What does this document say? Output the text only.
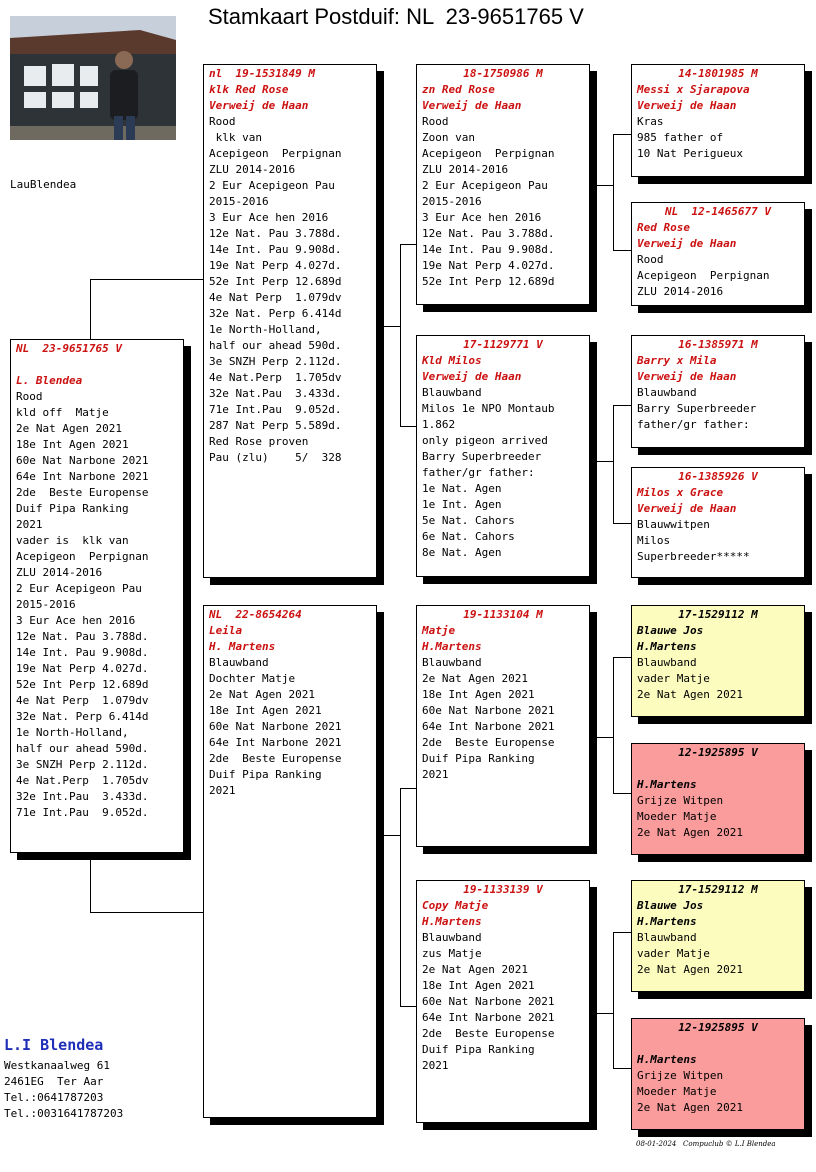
Stamkaart Postduif: NL  23-9651765 V
LauBlendea
NL  23-9651765 V
L. Blendea
Rood
kld off  Matje
2e Nat Agen 2021
18e Int Agen 2021
60e Nat Narbone 2021
64e Int Narbone 2021
2de  Beste Europense
Duif Pipa Ranking
2021
vader is  klk van
Acepigeon  Perpignan
ZLU 2014-2016
2 Eur Acepigeon Pau
2015-2016
3 Eur Ace hen 2016
12e Nat. Pau 3.788d.
14e Int. Pau 9.908d.
19e Nat Perp 4.027d.
52e Int Perp 12.689d
4e Nat Perp  1.079dv
32e Nat. Perp 6.414d
1e North-Holland,
half our ahead 590d.
3e SNZH Perp 2.112d.
4e Nat.Perp  1.705dv
32e Int.Pau  3.433d.
71e Int.Pau  9.052d.
nl  19-1531849 M
klk Red Rose
Verweij de Haan
Rood
klk van
Acepigeon  Perpignan
ZLU 2014-2016
2 Eur Acepigeon Pau
2015-2016
3 Eur Ace hen 2016
12e Nat. Pau 3.788d.
14e Int. Pau 9.908d.
19e Nat Perp 4.027d.
52e Int Perp 12.689d
4e Nat Perp  1.079dv
32e Nat. Perp 6.414d
1e North-Holland,
half our ahead 590d.
3e SNZH Perp 2.112d.
4e Nat.Perp  1.705dv
32e Nat.Pau  3.433d.
71e Int.Pau  9.052d.
287 Nat Perp 5.589d.
Red Rose proven
Pau (zlu)    5/  328
NL  22-8654264
Leila
H. Martens
Blauwband
Dochter Matje
2e Nat Agen 2021
18e Int Agen 2021
60e Nat Narbone 2021
64e Int Narbone 2021
2de  Beste Europense
Duif Pipa Ranking
2021
18-1750986 M
zn Red Rose
Verweij de Haan
Rood
Zoon van
Acepigeon  Perpignan
ZLU 2014-2016
2 Eur Acepigeon Pau
2015-2016
3 Eur Ace hen 2016
12e Nat. Pau 3.788d.
14e Int. Pau 9.908d.
19e Nat Perp 4.027d.
52e Int Perp 12.689d
17-1129771 V
Kld Milos
Verweij de Haan
Blauwband
Milos 1e NPO Montaub
1.862
only pigeon arrived
Barry Superbreeder
father/gr father:
1e Nat. Agen
1e Int. Agen
5e Nat. Cahors
6e Nat. Cahors
8e Nat. Agen
19-1133104 M
Matje
H.Martens
Blauwband
2e Nat Agen 2021
18e Int Agen 2021
60e Nat Narbone 2021
64e Int Narbone 2021
2de  Beste Europense
Duif Pipa Ranking
2021
19-1133139 V
Copy Matje
H.Martens
Blauwband
zus Matje
2e Nat Agen 2021
18e Int Agen 2021
60e Nat Narbone 2021
64e Int Narbone 2021
2de  Beste Europense
Duif Pipa Ranking
2021
14-1801985 M
Messi x Sjarapova
Verweij de Haan
Kras
985 father of
10 Nat Perigueux
NL  12-1465677 V
Red Rose
Verweij de Haan
Rood
Acepigeon  Perpignan
ZLU 2014-2016
16-1385971 M
Barry x Mila
Verweij de Haan
Blauwband
Barry Superbreeder
father/gr father:
16-1385926 V
Milos x Grace
Verweij de Haan
Blauwwitpen
Milos
Superbreeder*****
17-1529112 M
Blauwe Jos
H.Martens
Blauwband
vader Matje
2e Nat Agen 2021
12-1925895 V
H.Martens
Grijze Witpen
Moeder Matje
2e Nat Agen 2021
17-1529112 M
Blauwe Jos
H.Martens
Blauwband
vader Matje
2e Nat Agen 2021
12-1925895 V
H.Martens
Grijze Witpen
Moeder Matje
2e Nat Agen 2021
L.I Blendea
Westkanaalweg 61
2461EG  Ter Aar
Tel.:0641787203
Tel.:0031641787203
08-01-2024   Compuclub © L.I Blendea
